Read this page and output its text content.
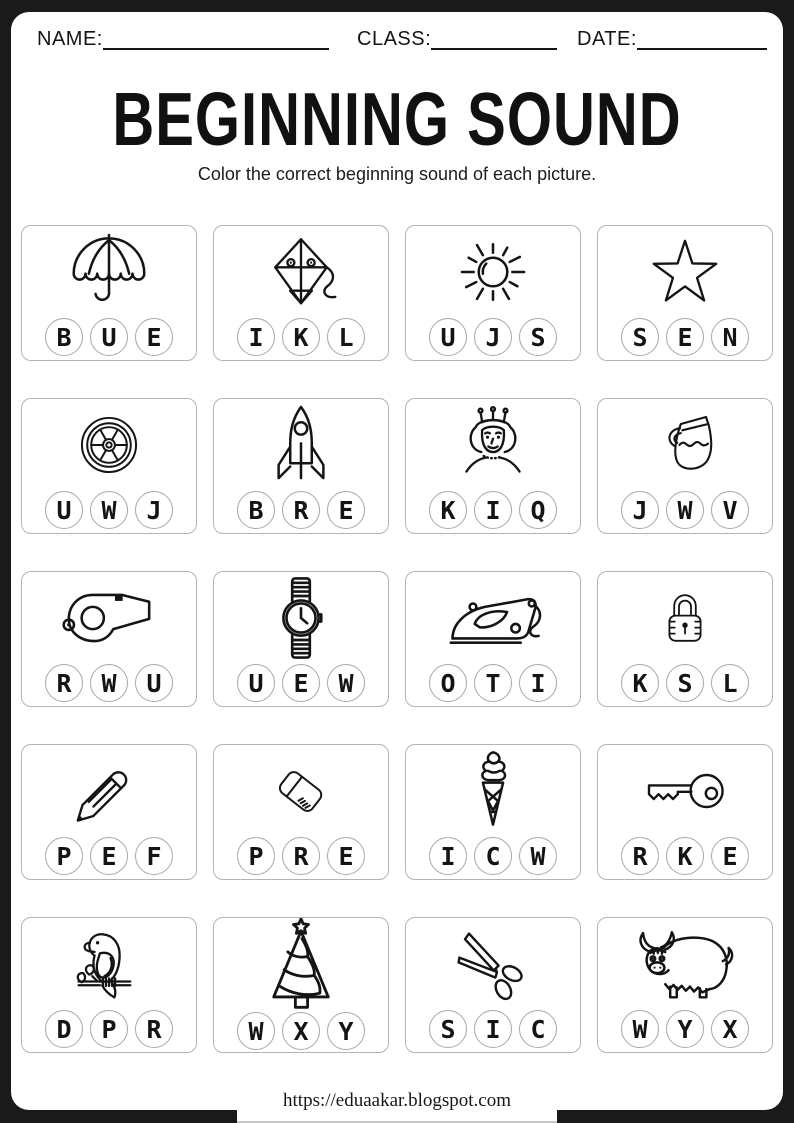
NAME:	CLASS:	DATE:
BEGINNING SOUND
Color the correct beginning sound of each picture.
B	U	E	I	K	L	U	J	S	S	E	N
U	W	J	B	R	E	K	I	Q	J	W	V
R	W	U	U	E	W	O	T	I	K	S	L
P	E	F	P	R	E	I	C	W	R	K	E
D	P	R	W	X	Y	S	I	C	W	Y	X
https://eduaakar.blogspot.com
